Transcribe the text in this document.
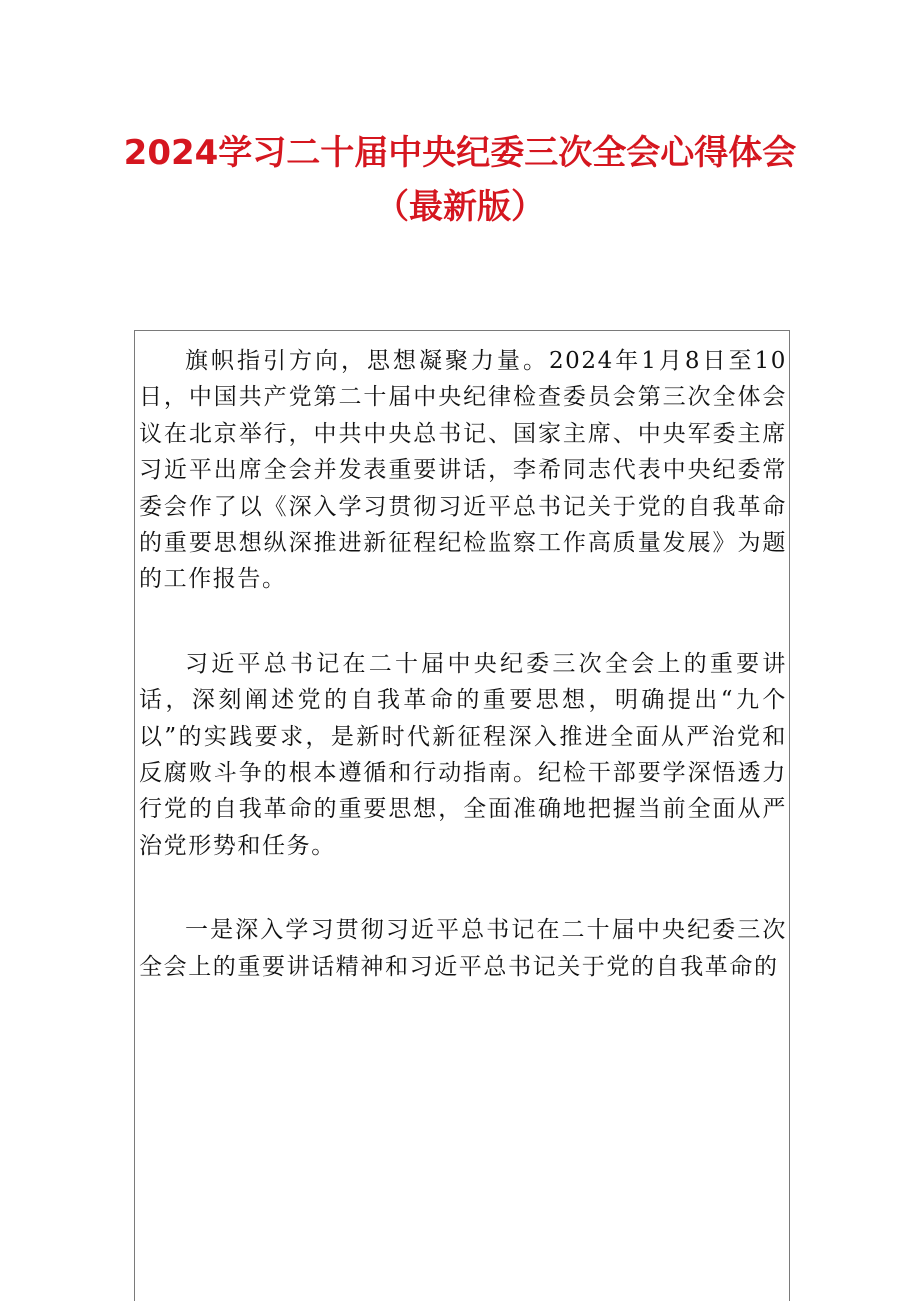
2024学习二十届中央纪委三次全会心得体会（最新版）

旗帜指引方向，思想凝聚力量。2024年1月8日至10日，中国共产党第二十届中央纪律检查委员会第三次全体会议在北京举行，中共中央总书记、国家主席、中央军委主席习近平出席全会并发表重要讲话，李希同志代表中央纪委常委会作了以《深入学习贯彻习近平总书记关于党的自我革命的重要思想纵深推进新征程纪检监察工作高质量发展》为题的工作报告。

习近平总书记在二十届中央纪委三次全会上的重要讲话，深刻阐述党的自我革命的重要思想，明确提出“九个以”的实践要求，是新时代新征程深入推进全面从严治党和反腐败斗争的根本遵循和行动指南。纪检干部要学深悟透力行党的自我革命的重要思想，全面准确地把握当前全面从严治党形势和任务。

一是深入学习贯彻习近平总书记在二十届中央纪委三次全会上的重要讲话精神和习近平总书记关于党的自我革命的
